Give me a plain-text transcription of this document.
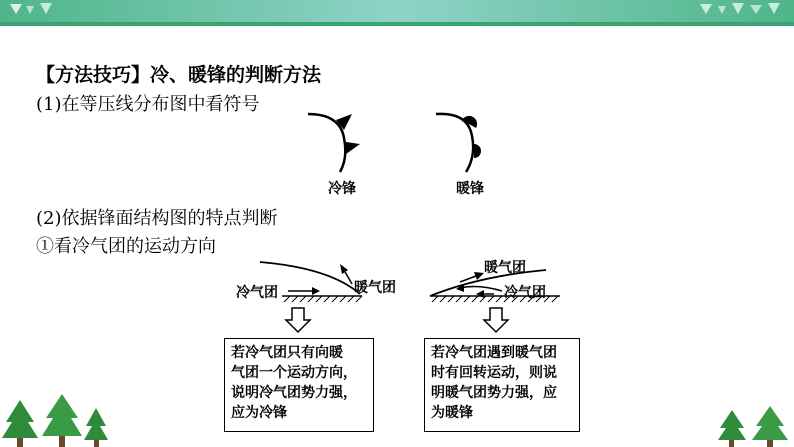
【方法技巧】冷、暖锋的判断方法
(1)在等压线分布图中看符号
冷锋	暖锋
(2)依据锋面结构图的特点判断
①看冷气团的运动方向
冷气团	暖气团
若冷气团只有向暖
气团一个运动方向，
说明冷气团势力强，
应为冷锋
暖气团
冷气团
若冷气团遇到暖气团
时有回转运动，则说
明暖气团势力强，应
为暖锋
